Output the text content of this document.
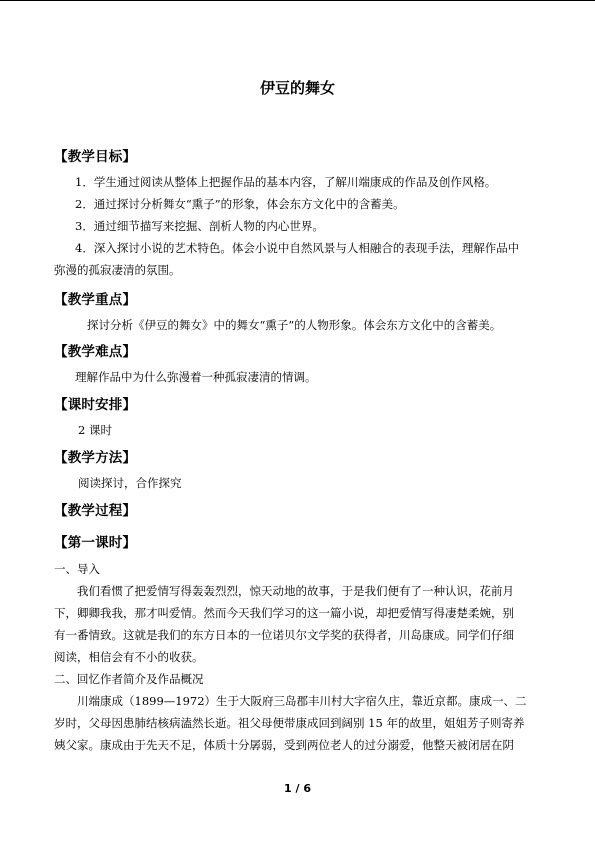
伊豆的舞女
【教学目标】
1．学生通过阅读从整体上把握作品的基本内容，了解川端康成的作品及创作风格。
2．通过探讨分析舞女“熏子”的形象，体会东方文化中的含蓄美。
3．通过细节描写来挖掘、剖析人物的内心世界。
4．深入探讨小说的艺术特色。体会小说中自然风景与人相融合的表现手法，理解作品中
弥漫的孤寂凄清的氛围。
【教学重点】
探讨分析《伊豆的舞女》中的舞女“熏子”的人物形象。体会东方文化中的含蓄美。
【教学难点】
理解作品中为什么弥漫着一种孤寂凄清的情调。
【课时安排】
2 课时
【教学方法】
阅读探讨，合作探究
【教学过程】
【第一课时】
一、导入
我们看惯了把爱情写得轰轰烈烈，惊天动地的故事，于是我们便有了一种认识，花前月
下，卿卿我我，那才叫爱情。然而今天我们学习的这一篇小说，却把爱情写得凄楚柔婉，别
有一番情致。这就是我们的东方日本的一位诺贝尔文学奖的获得者，川岛康成。同学们仔细
阅读，相信会有不小的收获。
二、回忆作者简介及作品概况
川端康成（1899—1972）生于大阪府三岛郡丰川村大字宿久庄，靠近京都。康成一、二
岁时，父母因患肺结核病溘然长逝。祖父母便带康成回到阔别 15 年的故里，姐姐芳子则寄养
姨父家。康成由于先天不足，体质十分孱弱，受到两位老人的过分溺爱，他整天被闭居在阴
1 / 6
